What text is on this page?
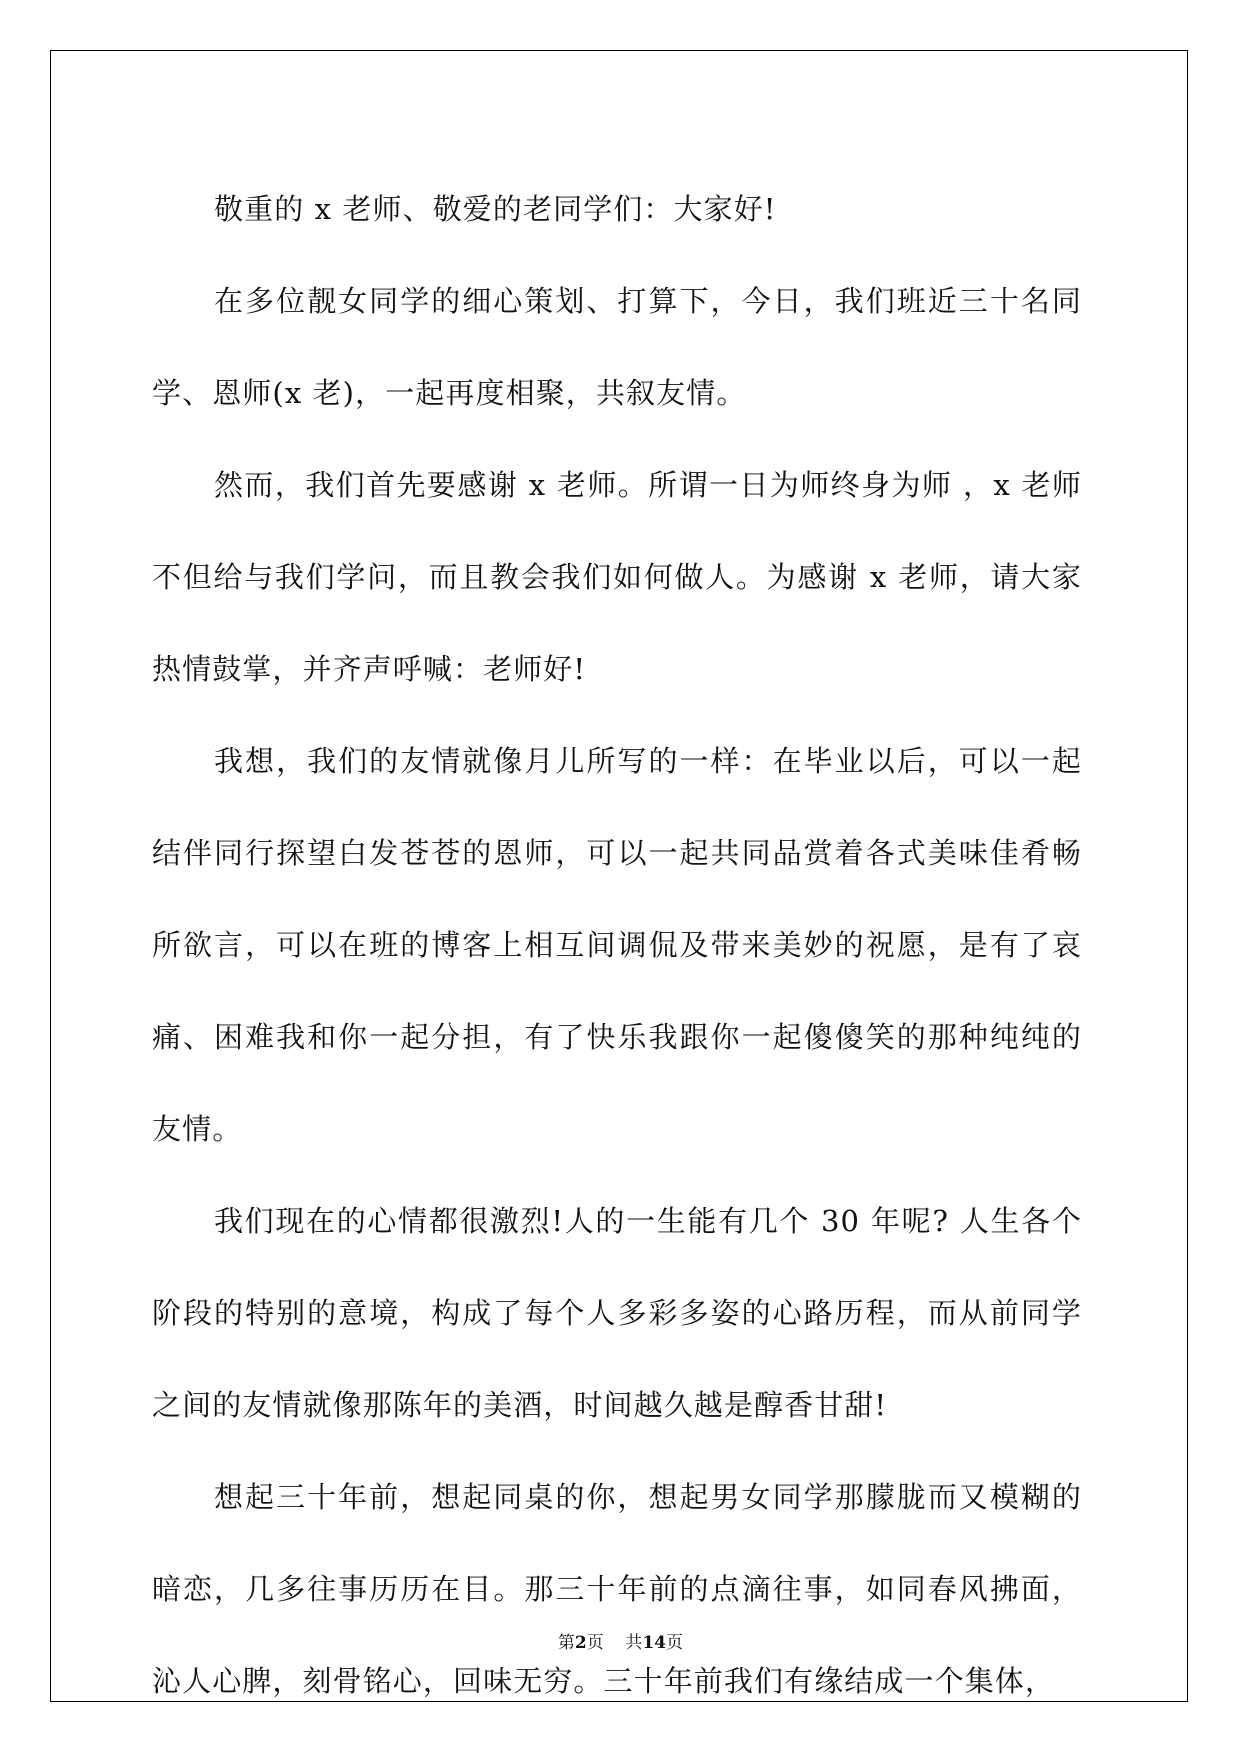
敬重的 x 老师、敬爱的老同学们：大家好!

在多位靓女同学的细心策划、打算下，今日，我们班近三十名同学、恩师(x 老)，一起再度相聚，共叙友情。

然而，我们首先要感谢 x 老师。所谓一日为师终身为师 ，x 老师不但给与我们学问，而且教会我们如何做人。为感谢 x 老师，请大家热情鼓掌，并齐声呼喊：老师好!

我想，我们的友情就像月儿所写的一样：在毕业以后，可以一起结伴同行探望白发苍苍的恩师，可以一起共同品赏着各式美味佳肴畅所欲言，可以在班的博客上相互间调侃及带来美妙的祝愿，是有了哀痛、困难我和你一起分担，有了快乐我跟你一起傻傻笑的那种纯纯的友情。

我们现在的心情都很激烈!人的一生能有几个 30 年呢? 人生各个阶段的特别的意境，构成了每个人多彩多姿的心路历程，而从前同学之间的友情就像那陈年的美酒，时间越久越是醇香甘甜!

想起三十年前，想起同桌的你，想起男女同学那朦胧而又模糊的暗恋，几多往事历历在目。那三十年前的点滴往事，如同春风拂面，沁人心脾，刻骨铭心，回味无穷。三十年前我们有缘结成一个集体，

第2页 共14页
